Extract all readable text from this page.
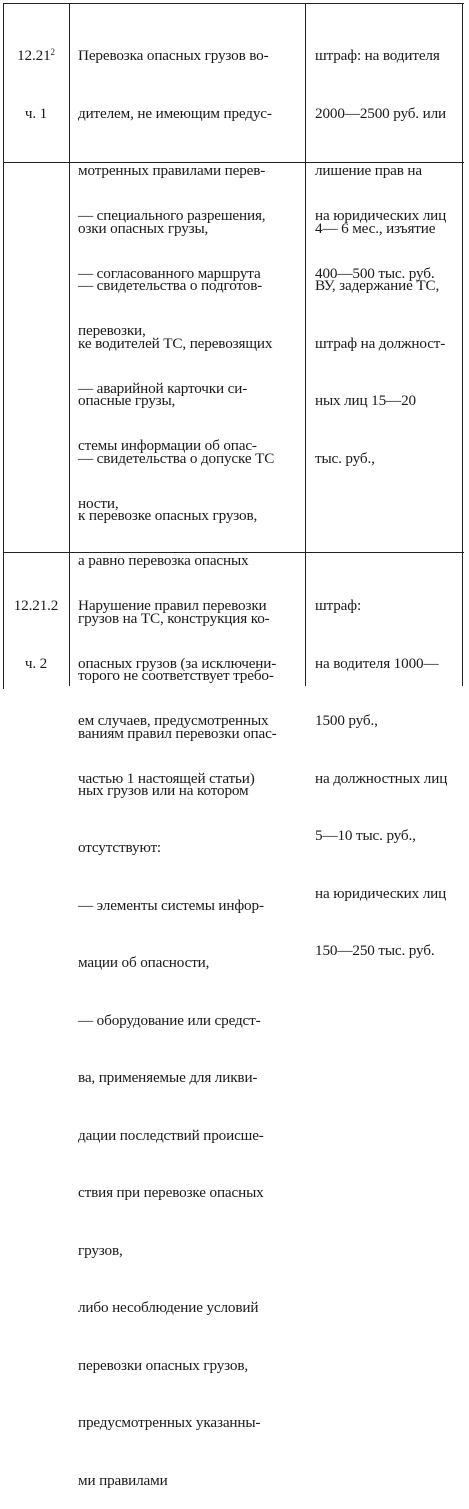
12.21$^2$

ч. 1

Перевозка опасных грузов во-

дителем, не имеющим предус-

мотренных правилами перев-

озки опасных грузы,

— свидетельства о подготов-

ке водителей ТС, перевозящих

опасные грузы,

— свидетельства о допуске ТС

к перевозке опасных грузов,

штраф: на водителя

2000—2500 руб. или

лишение прав на

4— 6 мес., изъятие

ВУ, задержание ТС,

штраф на должност-

ных лиц 15—20

тыс. руб.,

— специального разрешения,

— согласованного маршрута

перевозки,

— аварийной карточки си-

стемы информации об опас-

ности,

а равно перевозка опасных

грузов на ТС, конструкция ко-

торого не соответствует требо-

ваниям правил перевозки опас-

ных грузов или на котором

отсутствуют:

— элементы системы инфор-

мации об опасности,

— оборудование или средст-

ва, применяемые для ликви-

дации последствий происше-

ствия при перевозке опасных

грузов,

либо несоблюдение условий

перевозки опасных грузов,

предусмотренных указанны-

ми правилами

на юридических лиц

400—500 тыс. руб.

12.21.2

ч. 2

Нарушение правил перевозки

опасных грузов (за исключени-

ем случаев, предусмотренных

частью 1 настоящей статьи)

штраф:

на водителя 1000—

1500 руб.,

на должностных лиц

5—10 тыс. руб.,

на юридических лиц

150—250 тыс. руб.
